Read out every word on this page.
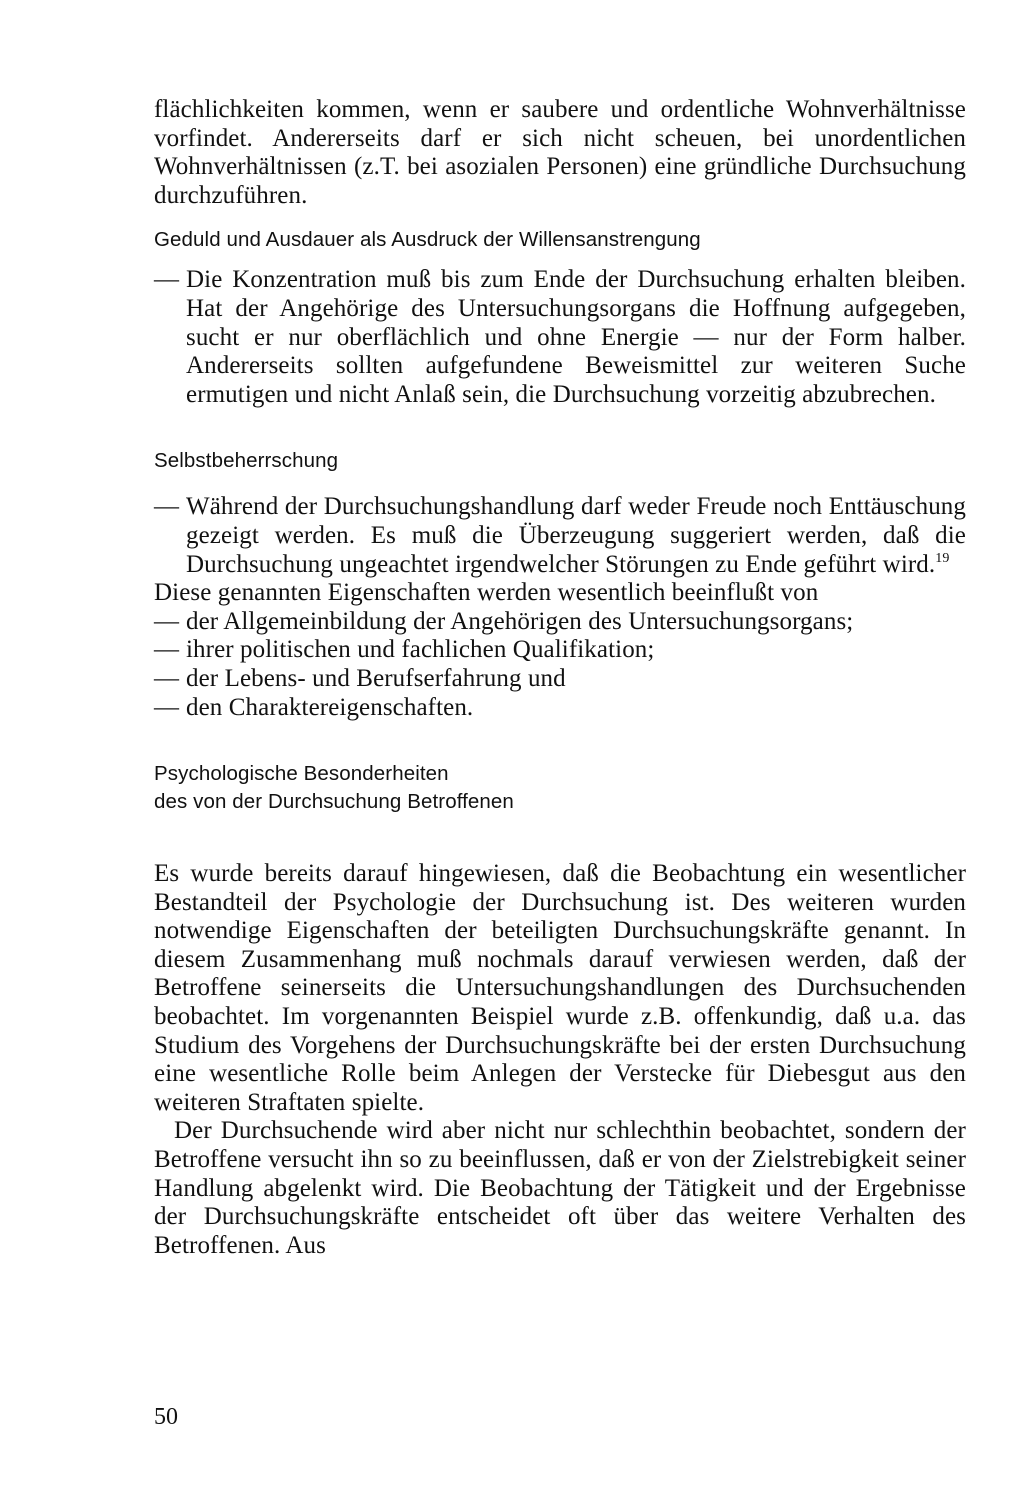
flächlichkeiten kommen, wenn er saubere und ordentliche Wohnverhältnisse vorfindet. Andererseits darf er sich nicht scheuen, bei unordentlichen Wohnverhältnissen (z.T. bei asozialen Personen) eine gründliche Durchsuchung durchzuführen.

Geduld und Ausdauer als Ausdruck der Willensanstrengung
— Die Konzentration muß bis zum Ende der Durchsuchung erhalten bleiben. Hat der Angehörige des Untersuchungsorgans die Hoffnung aufgegeben, sucht er nur oberflächlich und ohne Energie — nur der Form halber. Andererseits sollten aufgefundene Beweismittel zur weiteren Suche ermutigen und nicht Anlaß sein, die Durchsuchung vorzeitig abzubrechen.
Selbstbeherrschung
— Während der Durchsuchungshandlung darf weder Freude noch Enttäuschung gezeigt werden. Es muß die Überzeugung suggeriert werden, daß die Durchsuchung ungeachtet irgendwelcher Störungen zu Ende geführt wird.$^{19}$

Diese genannten Eigenschaften werden wesentlich beeinflußt von

— der Allgemeinbildung der Angehörigen des Untersuchungsorgans;
— ihrer politischen und fachlichen Qualifikation;
— der Lebens- und Berufserfahrung und
— den Charaktereigenschaften.
Psychologische Besonderheiten
des von der Durchsuchung Betroffenen

Es wurde bereits darauf hingewiesen, daß die Beobachtung ein wesentlicher Bestandteil der Psychologie der Durchsuchung ist. Des weiteren wurden notwendige Eigenschaften der beteiligten Durchsuchungskräfte genannt. In diesem Zusammenhang muß nochmals darauf verwiesen werden, daß der Betroffene seinerseits die Untersuchungshandlungen des Durchsuchenden beobachtet. Im vorgenannten Beispiel wurde z.B. offenkundig, daß u.a. das Studium des Vorgehens der Durchsuchungskräfte bei der ersten Durchsuchung eine wesentliche Rolle beim Anlegen der Verstecke für Diebesgut aus den weiteren Straftaten spielte.

Der Durchsuchende wird aber nicht nur schlechthin beobachtet, sondern der Betroffene versucht ihn so zu beeinflussen, daß er von der Zielstrebigkeit seiner Handlung abgelenkt wird. Die Beobachtung der Tätigkeit und der Ergebnisse der Durchsuchungskräfte entscheidet oft über das weitere Verhalten des Betroffenen. Aus

50
